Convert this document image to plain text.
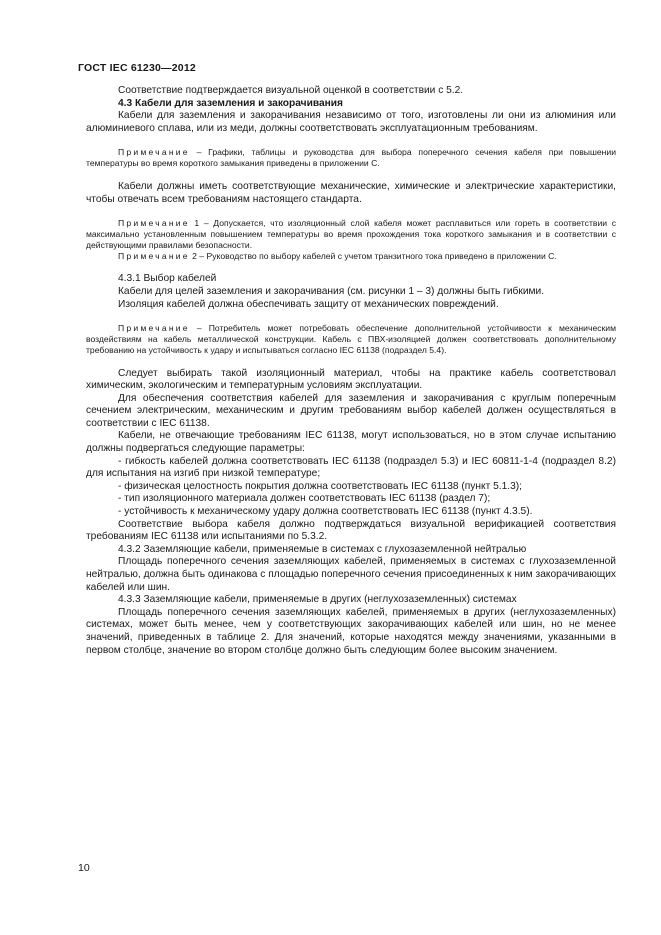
ГОСТ IEC 61230—2012

Соответствие подтверждается визуальной оценкой в соответствии с 5.2.

4.3 Кабели для заземления и закорачивания

Кабели для заземления и закорачивания независимо от того, изготовлены ли они из алюминия или алюминиевого сплава, или из меди, должны соответствовать эксплуатационным требованиям.

Примечание – Графики, таблицы и руководства для выбора поперечного сечения кабеля при повышении температуры во время короткого замыкания приведены в приложении С.

Кабели должны иметь соответствующие механические, химические и электрические характеристики, чтобы отвечать всем требованиям настоящего стандарта.

Примечание 1 – Допускается, что изоляционный слой кабеля может расплавиться или гореть в соответствии с максимально установленным повышением температуры во время прохождения тока короткого замыкания и в соответствии с действующими правилами безопасности.

Примечание 2 – Руководство по выбору кабелей с учетом транзитного тока приведено в приложении С.

4.3.1 Выбор кабелей

Кабели для целей заземления и закорачивания (см. рисунки 1 – 3) должны быть гибкими.

Изоляция кабелей должна обеспечивать защиту от механических повреждений.

Примечание – Потребитель может потребовать обеспечение дополнительной устойчивости к механическим воздействиям на кабель металлической конструкции. Кабель с ПВХ-изоляцией должен соответствовать дополнительному требованию на устойчивость к удару и испытываться согласно IEC 61138 (подраздел 5.4).

Следует выбирать такой изоляционный материал, чтобы на практике кабель соответствовал химическим, экологическим и температурным условиям эксплуатации.

Для обеспечения соответствия кабелей для заземления и закорачивания с круглым поперечным сечением электрическим, механическим и другим требованиям выбор кабелей должен осуществляться в соответствии с IEC 61138.

Кабели, не отвечающие требованиям IEC 61138, могут использоваться, но в этом случае испытанию должны подвергаться следующие параметры:

- гибкость кабелей должна соответствовать IEC 61138 (подраздел 5.3) и IEC 60811-1-4 (подраздел 8.2) для испытания на изгиб при низкой температуре;

- физическая целостность покрытия должна соответствовать IEC 61138 (пункт 5.1.3);

- тип изоляционного материала должен соответствовать IEC 61138 (раздел 7);

- устойчивость к механическому удару должна соответствовать IEC 61138 (пункт 4.3.5).

Соответствие выбора кабеля должно подтверждаться визуальной верификацией соответствия требованиям IEC 61138 или испытаниями по 5.3.2.

4.3.2 Заземляющие кабели, применяемые в системах с глухозаземленной нейтралью

Площадь поперечного сечения заземляющих кабелей, применяемых в системах с глухозаземленной нейтралью, должна быть одинакова с площадью поперечного сечения присоединенных к ним закорачивающих кабелей или шин.

4.3.3 Заземляющие кабели, применяемые в других (неглухозаземленных) системах

Площадь поперечного сечения заземляющих кабелей, применяемых в других (неглухозаземленных) системах, может быть менее, чем у соответствующих закорачивающих кабелей или шин, но не менее значений, приведенных в таблице 2. Для значений, которые находятся между значениями, указанными в первом столбце, значение во втором столбце должно быть следующим более высоким значением.

10
